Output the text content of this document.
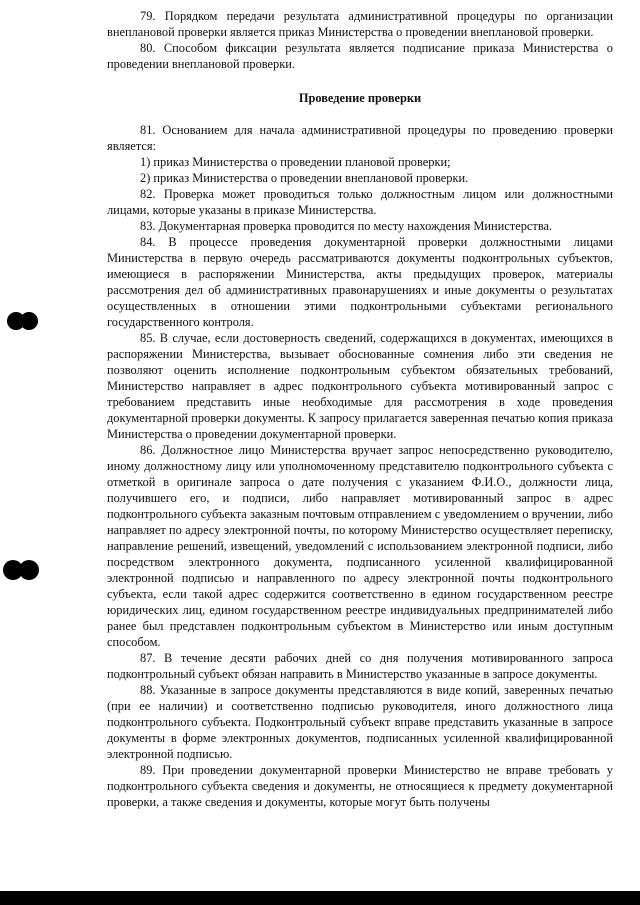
79. Порядком передачи результата административной процедуры по организации внеплановой проверки является приказ Министерства о проведении внеплановой проверки.

80. Способом фиксации результата является подписание приказа Министерства о проведении внеплановой проверки.

Проведение проверки

81. Основанием для начала административной процедуры по проведению проверки является:

1) приказ Министерства о проведении плановой проверки;

2) приказ Министерства о проведении внеплановой проверки.

82. Проверка может проводиться только должностным лицом или должностными лицами, которые указаны в приказе Министерства.

83. Документарная проверка проводится по месту нахождения Министерства.

84. В процессе проведения документарной проверки должностными лицами Министерства в первую очередь рассматриваются документы подконтрольных субъектов, имеющиеся в распоряжении Министерства, акты предыдущих проверок, материалы рассмотрения дел об административных правонарушениях и иные документы о результатах осуществленных в отношении этими подконтрольными субъектами регионального государственного контроля.

85. В случае, если достоверность сведений, содержащихся в документах, имеющихся в распоряжении Министерства, вызывает обоснованные сомнения либо эти сведения не позволяют оценить исполнение подконтрольным субъектом обязательных требований, Министерство направляет в адрес подконтрольного субъекта мотивированный запрос с требованием представить иные необходимые для рассмотрения в ходе проведения документарной проверки документы. К запросу прилагается заверенная печатью копия приказа Министерства о проведении документарной проверки.

86. Должностное лицо Министерства вручает запрос непосредственно руководителю, иному должностному лицу или уполномоченному представителю подконтрольного субъекта с отметкой в оригинале запроса о дате получения с указанием Ф.И.О., должности лица, получившего его, и подписи, либо направляет мотивированный запрос в адрес подконтрольного субъекта заказным почтовым отправлением с уведомлением о вручении, либо направляет по адресу электронной почты, по которому Министерство осуществляет переписку, направление решений, извещений, уведомлений с использованием электронной подписи, либо посредством электронного документа, подписанного усиленной квалифицированной электронной подписью и направленного по адресу электронной почты подконтрольного субъекта, если такой адрес содержится соответственно в едином государственном реестре юридических лиц, едином государственном реестре индивидуальных предпринимателей либо ранее был представлен подконтрольным субъектом в Министерство или иным доступным способом.

87. В течение десяти рабочих дней со дня получения мотивированного запроса подконтрольный субъект обязан направить в Министерство указанные в запросе документы.

88. Указанные в запросе документы представляются в виде копий, заверенных печатью (при ее наличии) и соответственно подписью руководителя, иного должностного лица подконтрольного субъекта. Подконтрольный субъект вправе представить указанные в запросе документы в форме электронных документов, подписанных усиленной квалифицированной электронной подписью.

89. При проведении документарной проверки Министерство не вправе требовать у подконтрольного субъекта сведения и документы, не относящиеся к предмету документарной проверки, а также сведения и документы, которые могут быть получены
